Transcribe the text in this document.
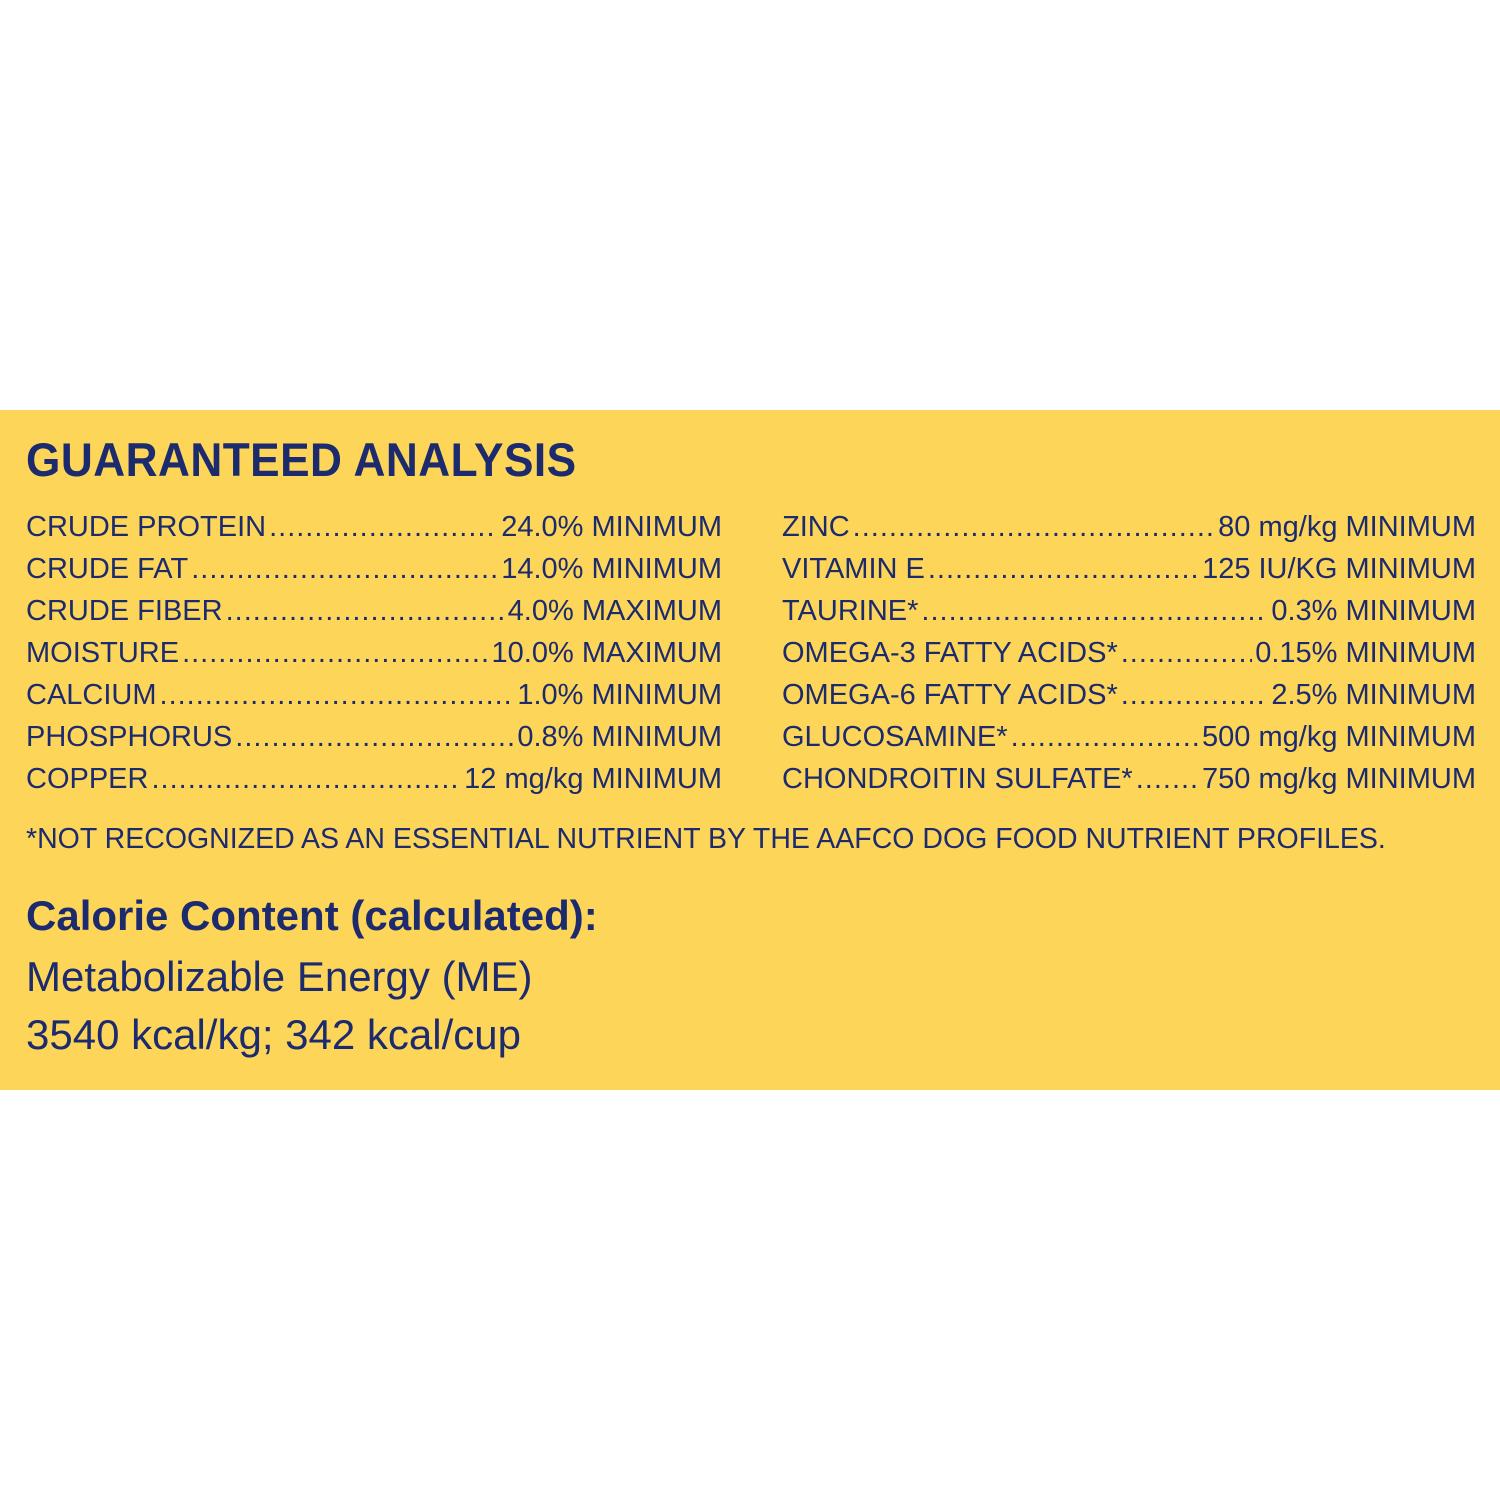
GUARANTEED ANALYSIS
CRUDE PROTEIN .....	24.0% MINIMUM
CRUDE FAT .....	14.0% MINIMUM
CRUDE FIBER .....	4.0% MAXIMUM
MOISTURE .....	10.0% MAXIMUM
CALCIUM .....	1.0% MINIMUM
PHOSPHORUS .....	0.8% MINIMUM
COPPER .....	12 mg/kg MINIMUM
ZINC .....	80 mg/kg MINIMUM
VITAMIN E .....	125 IU/KG MINIMUM
TAURINE* .....	0.3% MINIMUM
OMEGA-3 FATTY ACIDS* .....	0.15% MINIMUM
OMEGA-6 FATTY ACIDS* .....	2.5% MINIMUM
GLUCOSAMINE* .....	500 mg/kg MINIMUM
CHONDROITIN SULFATE* ..... 750 mg/kg MINIMUM

*NOT RECOGNIZED AS AN ESSENTIAL NUTRIENT BY THE AAFCO DOG FOOD NUTRIENT PROFILES.

Calorie Content (calculated):

Metabolizable Energy (ME)

3540 kcal/kg; 342 kcal/cup
